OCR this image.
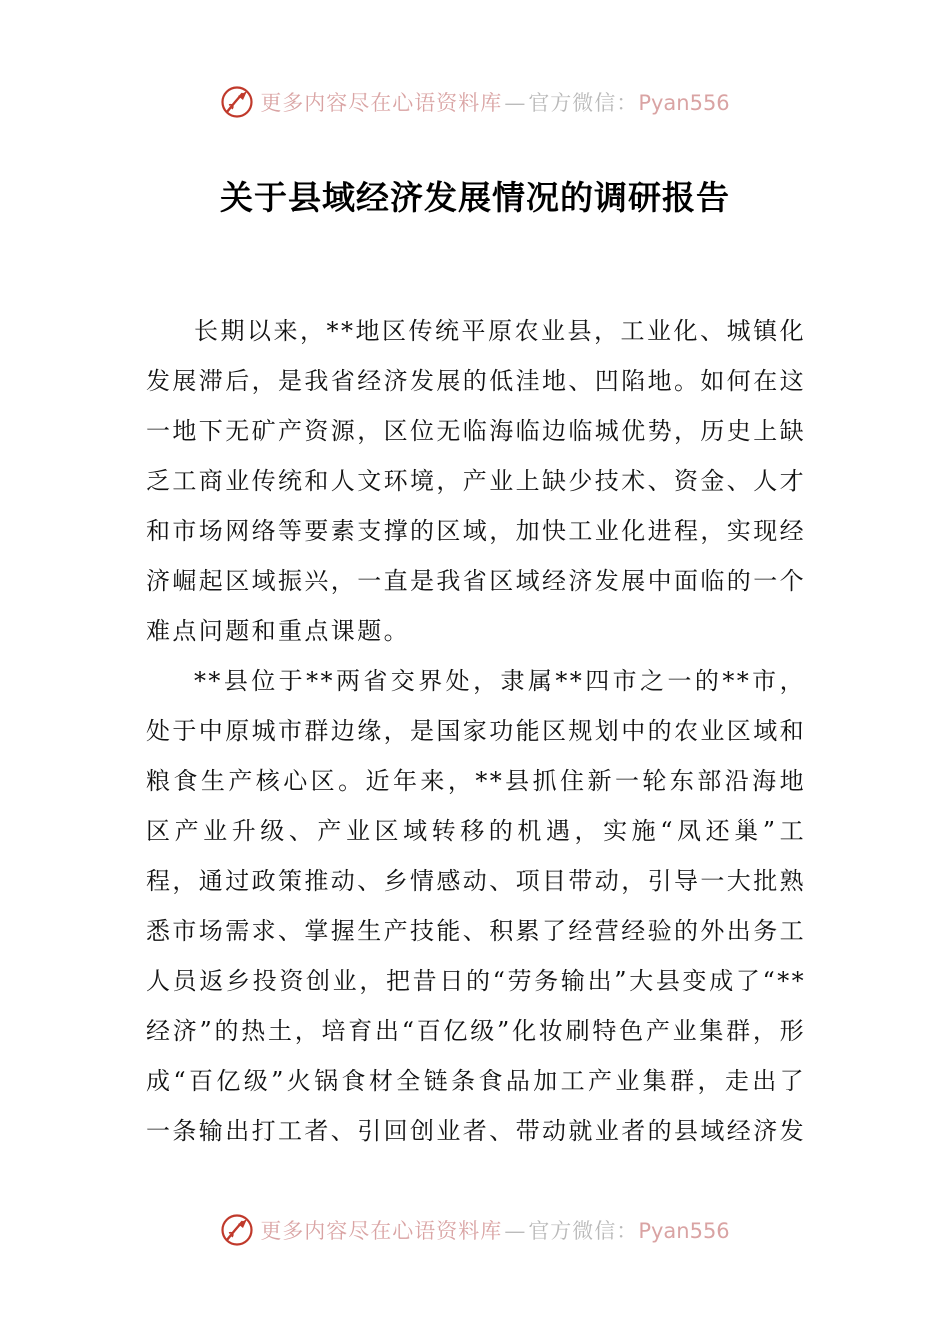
更多内容尽在心语资料库—官方微信：Pyan556
关于县域经济发展情况的调研报告

长期以来，**地区传统平原农业县，工业化、城镇化发展滞后，是我省经济发展的低洼地、凹陷地。如何在这一地下无矿产资源，区位无临海临边临城优势，历史上缺乏工商业传统和人文环境，产业上缺少技术、资金、人才和市场网络等要素支撑的区域，加快工业化进程，实现经济崛起区域振兴，一直是我省区域经济发展中面临的一个难点问题和重点课题。

**县位于**两省交界处，隶属**四市之一的**市，处于中原城市群边缘，是国家功能区规划中的农业区域和粮食生产核心区。近年来，**县抓住新一轮东部沿海地区产业升级、产业区域转移的机遇，实施“凤还巢”工程，通过政策推动、乡情感动、项目带动，引导一大批熟悉市场需求、掌握生产技能、积累了经营经验的外出务工人员返乡投资创业，把昔日的“劳务输出”大县变成了“**经济”的热土，培育出“百亿级”化妆刷特色产业集群，形成“百亿级”火锅食材全链条食品加工产业集群，走出了一条输出打工者、引回创业者、带动就业者的县域经济发

更多内容尽在心语资料库—官方微信：Pyan556
